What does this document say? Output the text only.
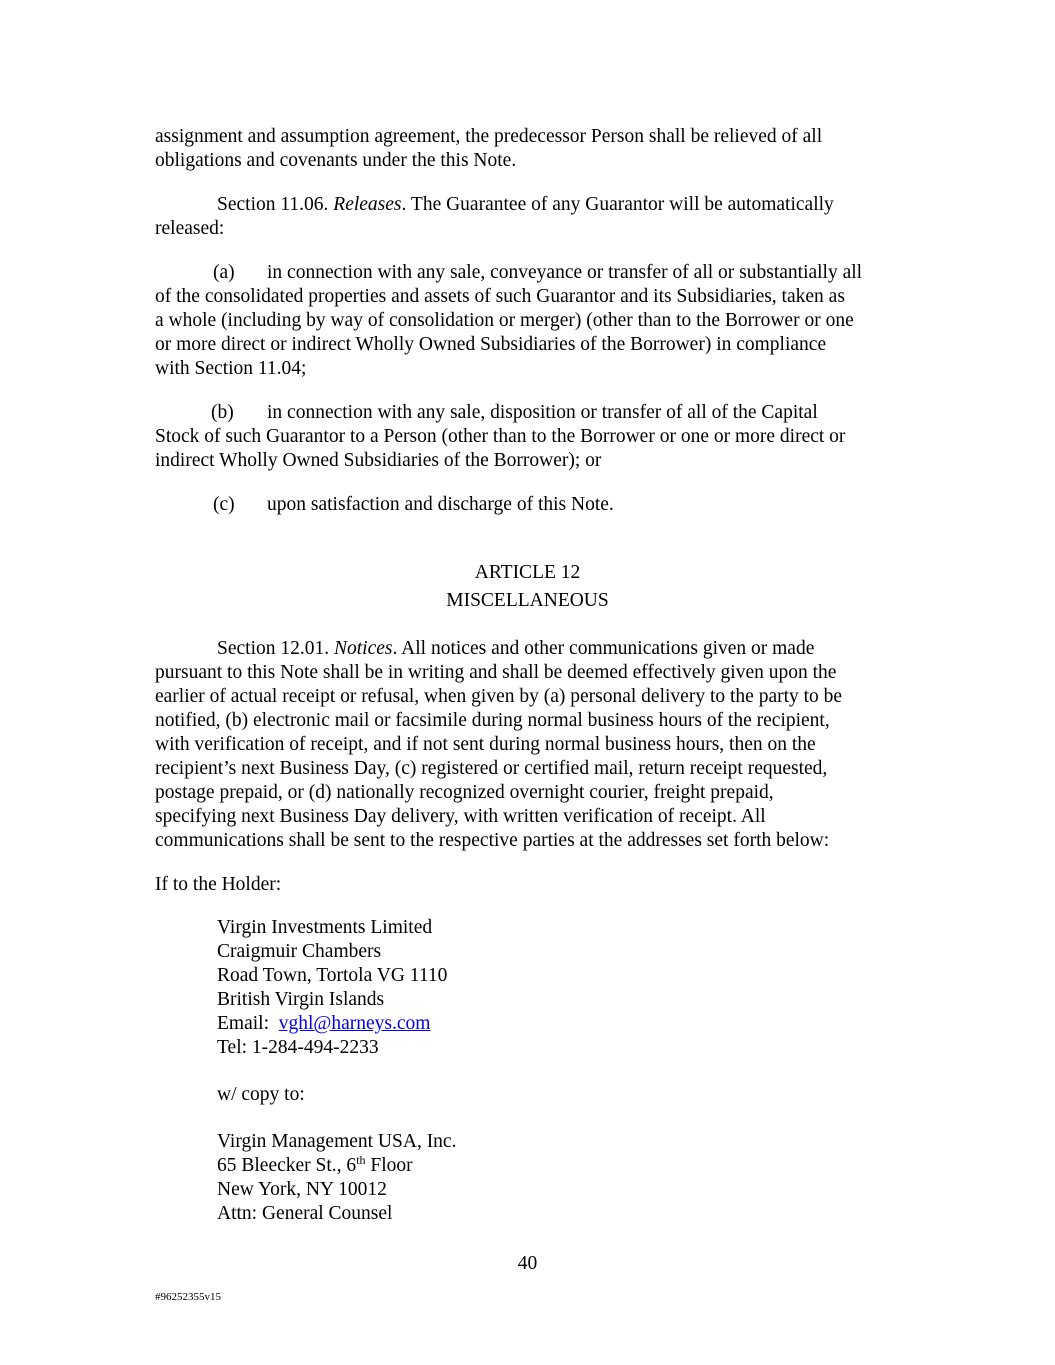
assignment and assumption agreement, the predecessor Person shall be relieved of all
obligations and covenants under the this Note.
Section 11.06. Releases. The Guarantee of any Guarantor will be automatically
released:
(a) in connection with any sale, conveyance or transfer of all or substantially all
of the consolidated properties and assets of such Guarantor and its Subsidiaries, taken as
a whole (including by way of consolidation or merger) (other than to the Borrower or one
or more direct or indirect Wholly Owned Subsidiaries of the Borrower) in compliance
with Section 11.04;
(b) in connection with any sale, disposition or transfer of all of the Capital
Stock of such Guarantor to a Person (other than to the Borrower or one or more direct or
indirect Wholly Owned Subsidiaries of the Borrower); or
(c) upon satisfaction and discharge of this Note.
ARTICLE 12
MISCELLANEOUS
Section 12.01. Notices. All notices and other communications given or made
pursuant to this Note shall be in writing and shall be deemed effectively given upon the
earlier of actual receipt or refusal, when given by (a) personal delivery to the party to be
notified, (b) electronic mail or facsimile during normal business hours of the recipient,
with verification of receipt, and if not sent during normal business hours, then on the
recipient’s next Business Day, (c) registered or certified mail, return receipt requested,
postage prepaid, or (d) nationally recognized overnight courier, freight prepaid,
specifying next Business Day delivery, with written verification of receipt. All
communications shall be sent to the respective parties at the addresses set forth below:
If to the Holder:
Virgin Investments Limited
Craigmuir Chambers
Road Town, Tortola VG 1110
British Virgin Islands
Email:  vghl@harneys.com
Tel: 1-284-494-2233
w/ copy to:
Virgin Management USA, Inc.
65 Bleecker St., 6th Floor
New York, NY 10012
Attn: General Counsel
40
#96252355v15
